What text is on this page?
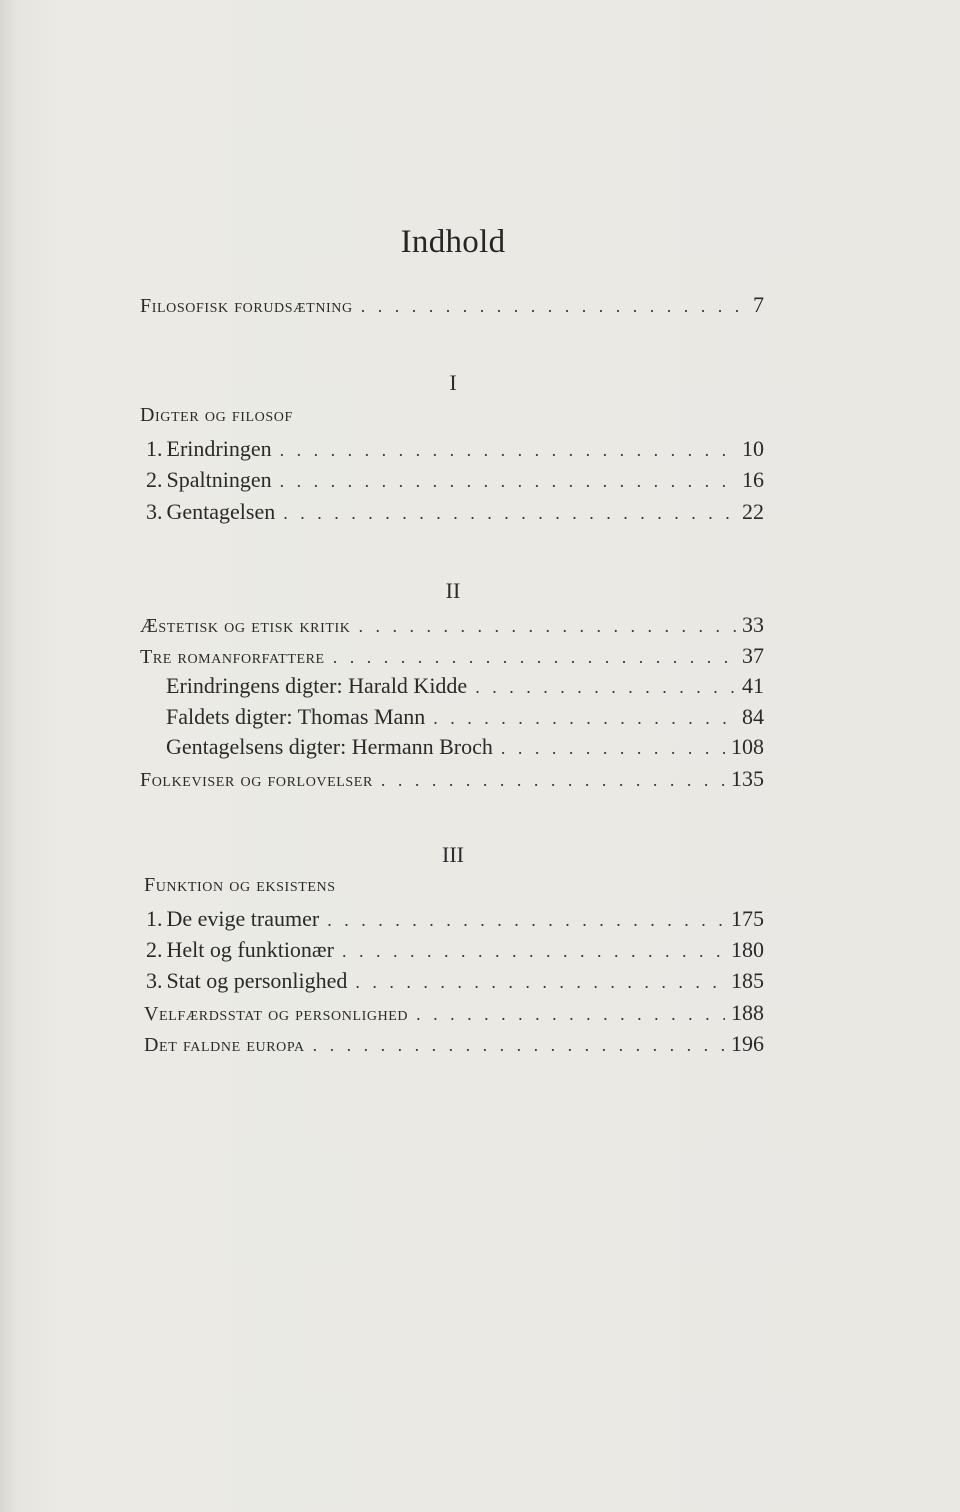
Indhold
Filosofisk forudsætning . . .	7
I
Digter og filosof
1. Erindringen . . .	10
2. Spaltningen . . .	16
3. Gentagelsen . . .	22
II
Æstetisk og etisk kritik . . .	33
Tre romanforfattere . . .	37
Erindringens digter: Harald Kidde . . .	41
Faldets digter: Thomas Mann . . .	84
Gentagelsens digter: Hermann Broch . . .	108
Folkeviser og forlovelser . . .	135
III
Funktion og eksistens
1. De evige traumer . . .	175
2. Helt og funktionær . . .	180
3. Stat og personlighed . . .	185
Velfærdsstat og personlighed . . .	188
Det faldne europa . . .	196
